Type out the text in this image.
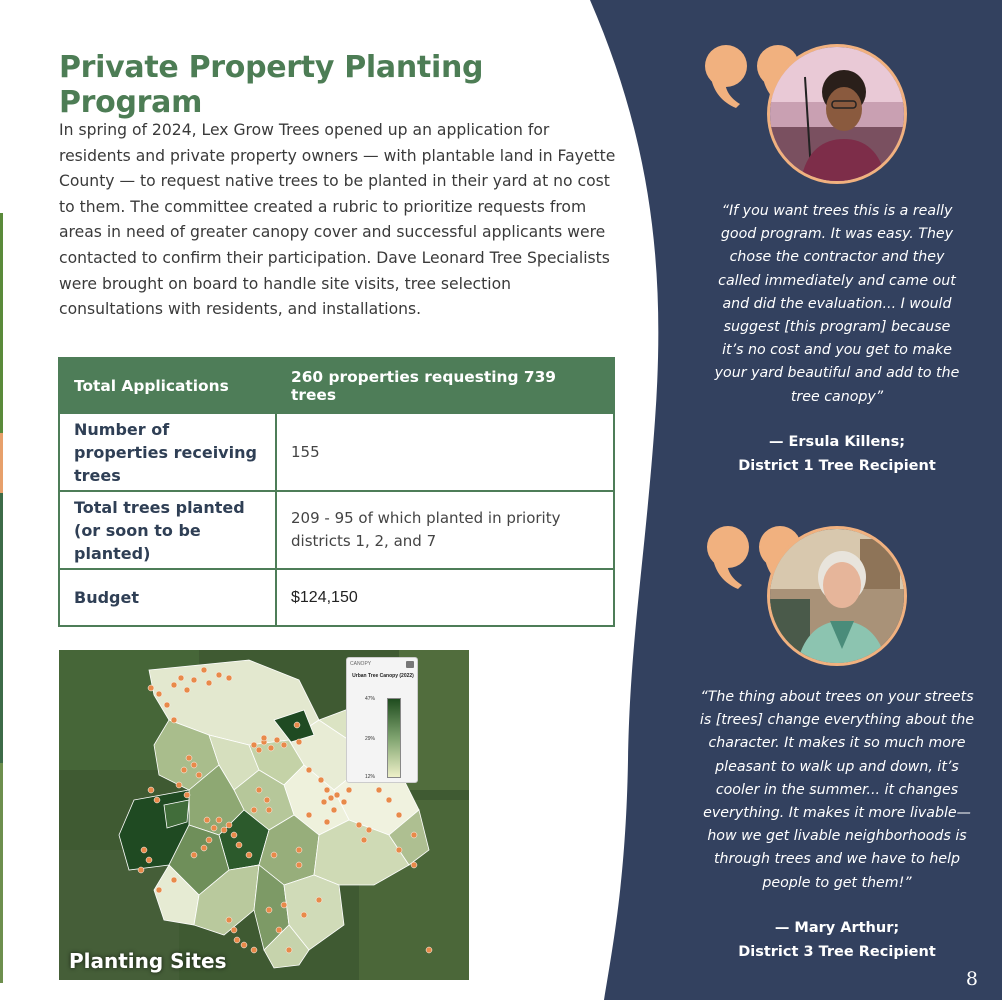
Private Property Planting Program

In spring of 2024, Lex Grow Trees opened up an application for residents and private property owners — with plantable land in Fayette County — to request native trees to be planted in their yard at no cost to them. The committee created a rubric to prioritize requests from areas in need of greater canopy cover and successful applicants were contacted to confirm their participation. Dave Leonard Tree Specialists were brought on board to handle site visits, tree selection consultations with residents, and installations.

Total Applications	260 properties requesting 739 trees
Number of properties receiving trees	155
Total trees planted (or soon to be planted)	209 - 95 of which planted in priority districts 1, 2, and 7
Budget	$124,150
CANOPY
Urban Tree Canopy (2022)
47%
29%
12%
Planting Sites
“If you want trees this is a really
good program. It was easy. They
chose the contractor and they
called immediately and came out
and did the evaluation... I would
suggest [this program] because
it’s no cost and you get to make
your yard beautiful and add to the
tree canopy”
— Ersula Killens;
District 1 Tree Recipient
“The thing about trees on your streets
is [trees] change everything about the
character. It makes it so much more
pleasant to walk up and down, it’s
cooler in the summer... it changes
everything. It makes it more livable—
how we get livable neighborhoods is
through trees and we have to help
people to get them!”
— Mary Arthur;
District 3 Tree Recipient
8
